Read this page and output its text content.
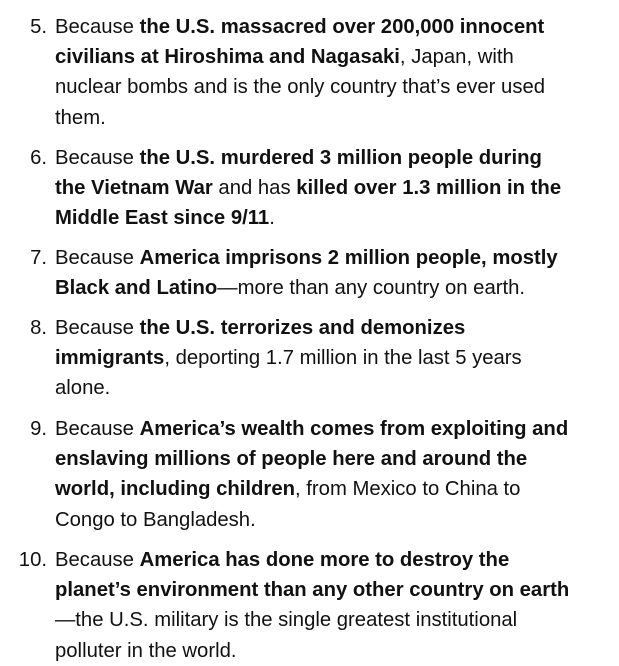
5. Because the U.S. massacred over 200,000 innocent
civilians at Hiroshima and Nagasaki, Japan, with
nuclear bombs and is the only country that’s ever used
them.
6. Because the U.S. murdered 3 million people during
the Vietnam War and has killed over 1.3 million in the
Middle East since 9/11.
7. Because America imprisons 2 million people, mostly
Black and Latino—more than any country on earth.
8. Because the U.S. terrorizes and demonizes
immigrants, deporting 1.7 million in the last 5 years
alone.
9. Because America’s wealth comes from exploiting and
enslaving millions of people here and around the
world, including children, from Mexico to China to
Congo to Bangladesh.
10. Because America has done more to destroy the
planet’s environment than any other country on earth
—the U.S. military is the single greatest institutional
polluter in the world.
